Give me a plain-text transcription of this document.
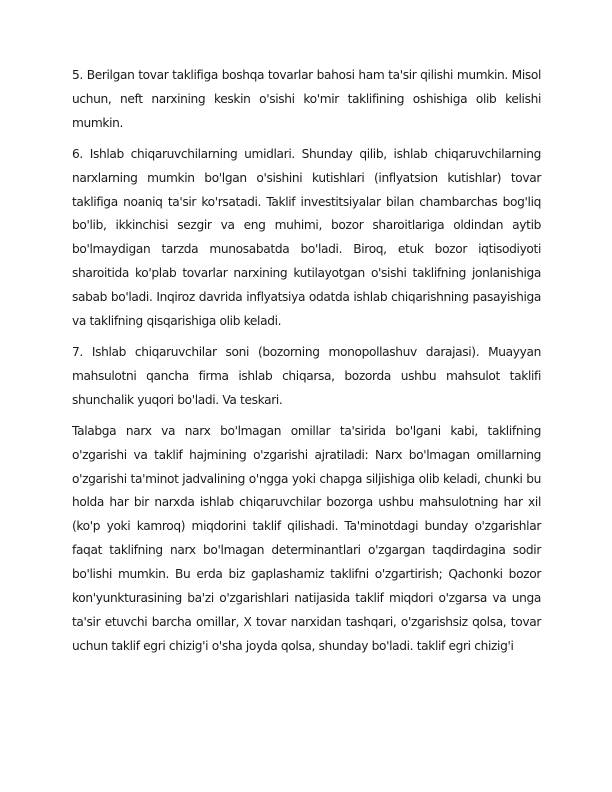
5. Berilgan tovar taklifiga boshqa tovarlar bahosi ham ta'sir qilishi mumkin. Misol uchun, neft narxining keskin o'sishi ko'mir taklifining oshishiga olib kelishi mumkin.

6. Ishlab chiqaruvchilarning umidlari. Shunday qilib, ishlab chiqaruvchilarning narxlarning mumkin bo'lgan o'sishini kutishlari (inflyatsion kutishlar) tovar taklifiga noaniq ta'sir ko'rsatadi. Taklif investitsiyalar bilan chambarchas bog'liq bo'lib, ikkinchisi sezgir va eng muhimi, bozor sharoitlariga oldindan aytib bo'lmaydigan tarzda munosabatda bo'ladi. Biroq, etuk bozor iqtisodiyoti sharoitida ko'plab tovarlar narxining kutilayotgan o'sishi taklifning jonlanishiga sabab bo'ladi. Inqiroz davrida inflyatsiya odatda ishlab chiqarishning pasayishiga va taklifning qisqarishiga olib keladi.

7. Ishlab chiqaruvchilar soni (bozorning monopollashuv darajasi). Muayyan mahsulotni qancha firma ishlab chiqarsa, bozorda ushbu mahsulot taklifi shunchalik yuqori bo'ladi. Va teskari.

Talabga narx va narx bo'lmagan omillar ta'sirida bo'lgani kabi, taklifning o'zgarishi va taklif hajmining o'zgarishi ajratiladi: Narx bo'lmagan omillarning o'zgarishi ta'minot jadvalining o'ngga yoki chapga siljishiga olib keladi, chunki bu holda har bir narxda ishlab chiqaruvchilar bozorga ushbu mahsulotning har xil (ko'p yoki kamroq) miqdorini taklif qilishadi. Ta'minotdagi bunday o'zgarishlar faqat taklifning narx bo'lmagan determinantlari o'zgargan taqdirdagina sodir bo'lishi mumkin. Bu erda biz gaplashamiz taklifni o'zgartirish; Qachonki bozor kon'yunkturasining ba'zi o'zgarishlari natijasida taklif miqdori o'zgarsa va unga ta'sir etuvchi barcha omillar, X tovar narxidan tashqari, o'zgarishsiz qolsa, tovar uchun taklif egri chizig'i o'sha joyda qolsa, shunday bo'ladi. taklif egri chizig'i
